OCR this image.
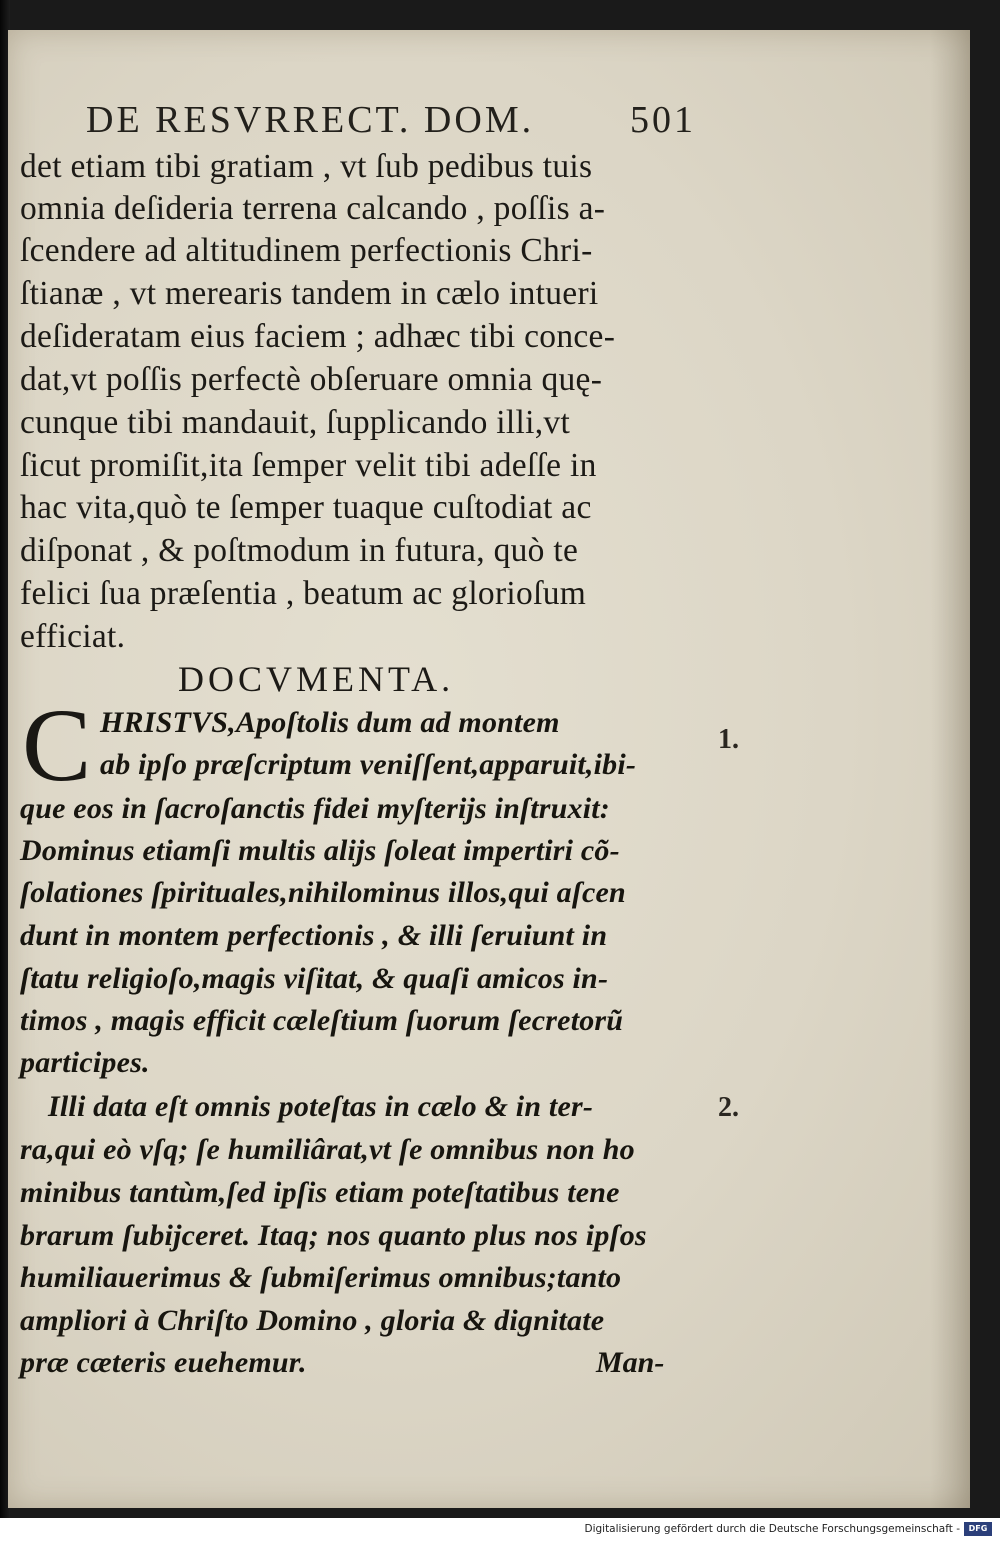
DE RESVRRECT. DOM.	501
det etiam tibi gratiam , vt ſub pedibus tuis
omnia deſideria terrena calcando , poſſis a-
ſcendere ad altitudinem perfectionis Chri-
ſtianæ , vt merearis tandem in cælo intueri
deſideratam eius faciem ; adhæc tibi conce-
dat,vt poſſis perfectè obſeruare omnia quę-
cunque tibi mandauit, ſupplicando illi,vt
ſicut promiſit,ita ſemper velit tibi adeſſe in
hac vita,quò te ſemper tuaque cuſtodiat ac
diſponat , & poſtmodum in futura, quò te
felici ſua præſentia , beatum ac glorioſum
efficiat.
DOCVMENTA.
C HRISTVS,Apoſtolis dum ad montem
ab ipſo præſcriptum veniſſent,apparuit,ibi-
que eos in ſacroſanctis fidei myſterijs inſtruxit:
Dominus etiamſi multis alijs ſoleat impertiri cõ-
ſolationes ſpirituales,nihilominus illos,qui aſcen
dunt in montem perfectionis , & illi ſeruiunt in
ſtatu religioſo,magis viſitat, & quaſi amicos in-
timos , magis efficit cæleſtium ſuorum ſecretorũ
participes.
Illi data eſt omnis poteſtas in cælo & in ter-
ra,qui eò vſq; ſe humiliârat,vt ſe omnibus non ho
minibus tantùm,ſed ipſis etiam poteſtatibus tene
brarum ſubijceret. Itaq; nos quanto plus nos ipſos
humiliauerimus & ſubmiſerimus omnibus;tanto
ampliori à Chriſto Domino , gloria & dignitate
præ cæteris euehemur.
1.
2.
Man-
Digitalisierung gefördert durch die Deutsche Forschungsgemeinschaft -	DFG
